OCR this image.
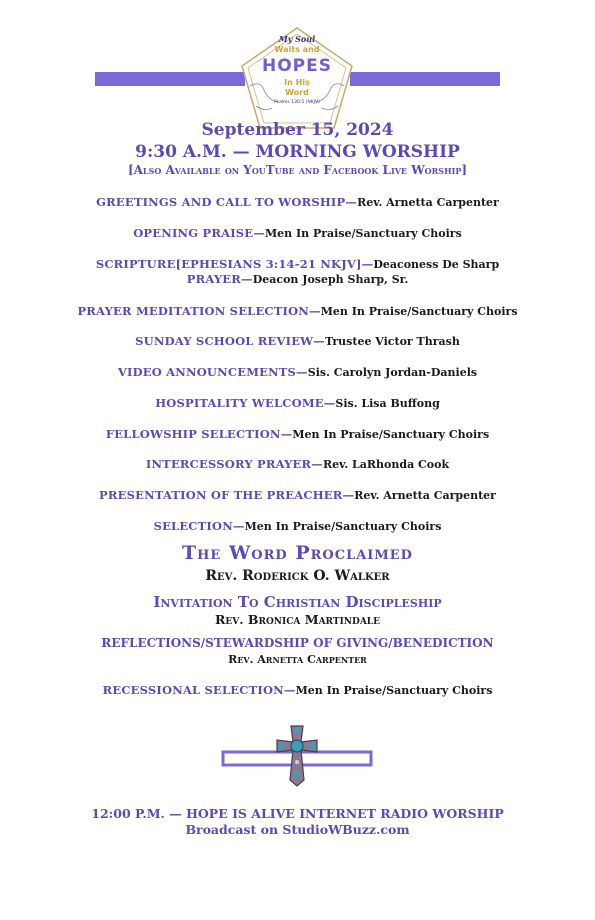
My Soul
Waits and
HOPES
In His
Word
Psalms 130:5 (NKJV)
September 15, 2024
9:30 A.M. — MORNING WORSHIP
[Also Available on YouTube and Facebook Live Worship]
GREETINGS AND CALL TO WORSHIP—Rev. Arnetta Carpenter
OPENING PRAISE—Men In Praise/Sanctuary Choirs
SCRIPTURE[EPHESIANS 3:14-21 NKJV]—Deaconess De Sharp
PRAYER—Deacon Joseph Sharp, Sr.
PRAYER MEDITATION SELECTION—Men In Praise/Sanctuary Choirs
SUNDAY SCHOOL REVIEW—Trustee Victor Thrash
VIDEO ANNOUNCEMENTS—Sis. Carolyn Jordan-Daniels
HOSPITALITY WELCOME—Sis. Lisa Buffong
FELLOWSHIP SELECTION—Men In Praise/Sanctuary Choirs
INTERCESSORY PRAYER—Rev. LaRhonda Cook
PRESENTATION OF THE PREACHER—Rev. Arnetta Carpenter
SELECTION—Men In Praise/Sanctuary Choirs
The Word Proclaimed
Rev. Roderick O. Walker
Invitation To Christian Discipleship
Rev. Bronica Martindale
REFLECTIONS/STEWARDSHIP OF GIVING/BENEDICTION
Rev. Arnetta Carpenter
RECESSIONAL SELECTION—Men In Praise/Sanctuary Choirs
12:00 P.M. — HOPE IS ALIVE INTERNET RADIO WORSHIP
Broadcast on StudioWBuzz.com
